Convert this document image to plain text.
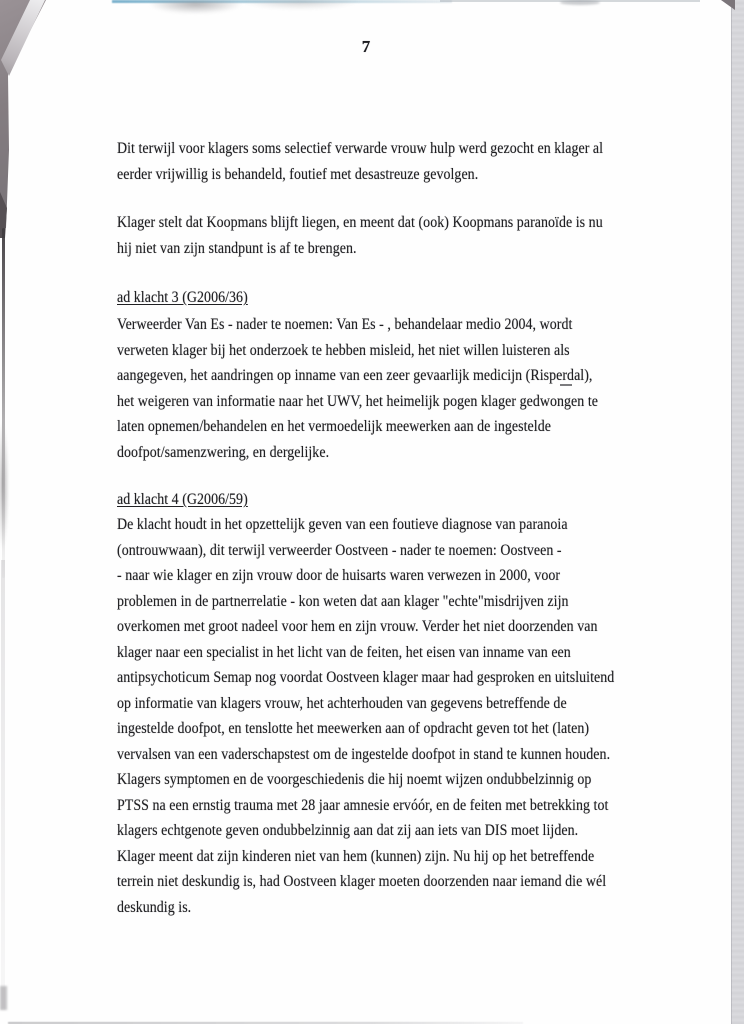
7
Dit terwijl voor klagers soms selectief verwarde vrouw hulp werd gezocht en klager al
eerder vrijwillig is behandeld, foutief met desastreuze gevolgen.
Klager stelt dat Koopmans blijft liegen, en meent dat (ook) Koopmans paranoïde is nu
hij niet van zijn standpunt is af te brengen.
ad klacht 3 (G2006/36)
Verweerder Van Es - nader te noemen: Van Es - , behandelaar medio 2004, wordt
verweten klager bij het onderzoek te hebben misleid, het niet willen luisteren als
aangegeven, het aandringen op inname van een zeer gevaarlijk medicijn (Risperdal),
het weigeren van informatie naar het UWV, het heimelijk pogen klager gedwongen te
laten opnemen/behandelen en het vermoedelijk meewerken aan de ingestelde
doofpot/samenzwering, en dergelijke.
ad klacht 4 (G2006/59)
De klacht houdt in het opzettelijk geven van een foutieve diagnose van paranoia
(ontrouwwaan), dit terwijl verweerder Oostveen - nader te noemen: Oostveen -
- naar wie klager en zijn vrouw door de huisarts waren verwezen in 2000, voor
problemen in de partnerrelatie - kon weten dat aan klager "echte"misdrijven zijn
overkomen met groot nadeel voor hem en zijn vrouw. Verder het niet doorzenden van
klager naar een specialist in het licht van de feiten, het eisen van inname van een
antipsychoticum Semap nog voordat Oostveen klager maar had gesproken en uitsluitend
op informatie van klagers vrouw, het achterhouden van gegevens betreffende de
ingestelde doofpot, en tenslotte het meewerken aan of opdracht geven tot het (laten)
vervalsen van een vaderschapstest om de ingestelde doofpot in stand te kunnen houden.
Klagers symptomen en de voorgeschiedenis die hij noemt wijzen ondubbelzinnig op
PTSS na een ernstig trauma met 28 jaar amnesie ervóór, en de feiten met betrekking tot
klagers echtgenote geven ondubbelzinnig aan dat zij aan iets van DIS moet lijden.
Klager meent dat zijn kinderen niet van hem (kunnen) zijn. Nu hij op het betreffende
terrein niet deskundig is, had Oostveen klager moeten doorzenden naar iemand die wél
deskundig is.
